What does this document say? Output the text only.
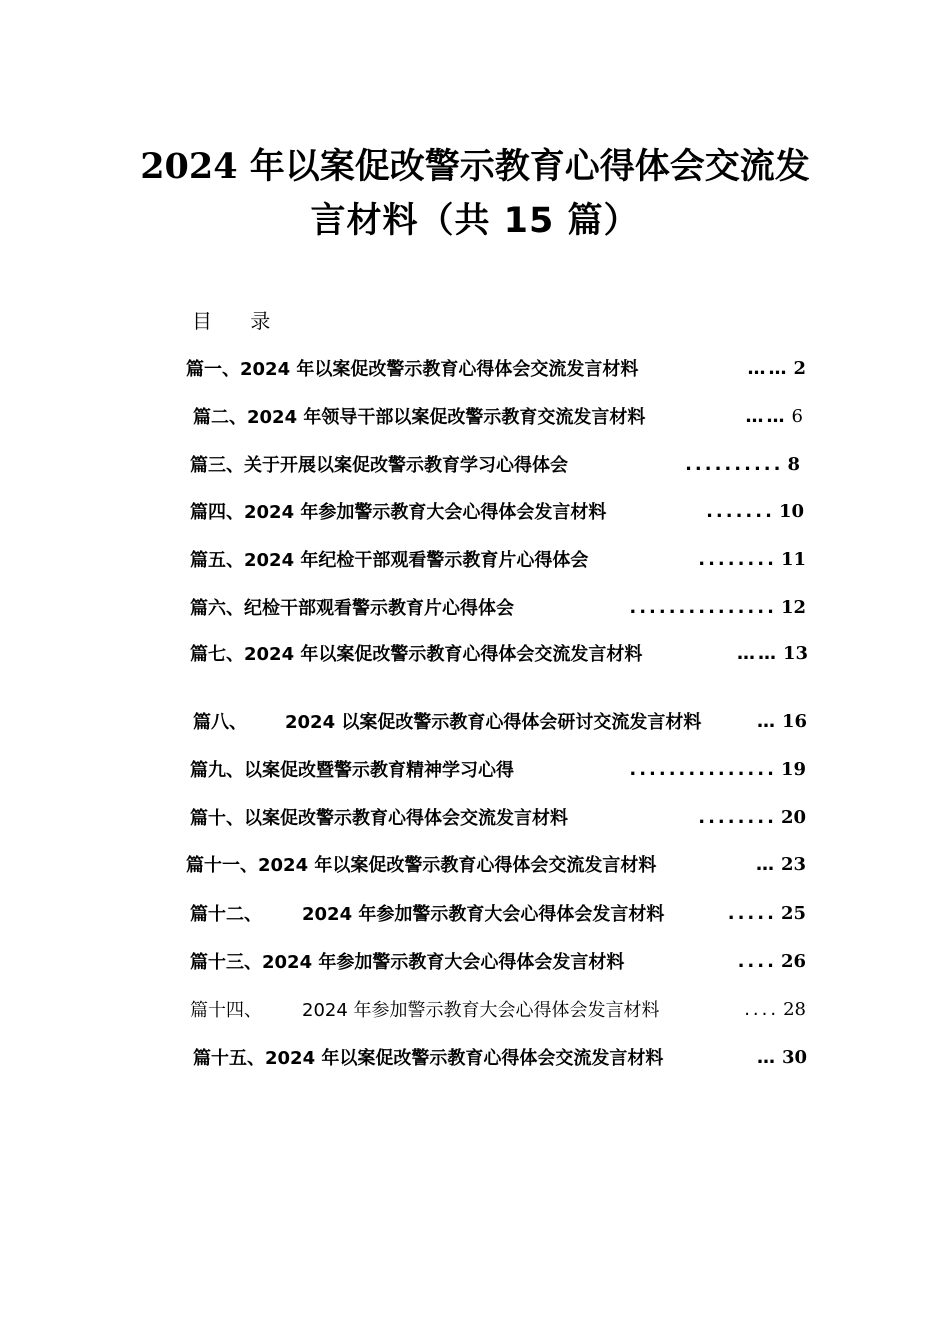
2024 年以案促改警示教育心得体会交流发
言材料（共 15 篇）
目 录
篇一、2024 年以案促改警示教育心得体会交流发言材料	…… 2
篇二、2024 年领导干部以案促改警示教育交流发言材料	…… 6
篇三、关于开展以案促改警示教育学习心得体会	.......... 8
篇四、2024 年参加警示教育大会心得体会发言材料	....... 10
篇五、2024 年纪检干部观看警示教育片心得体会	........ 11
篇六、纪检干部观看警示教育片心得体会	............... 12
篇七、2024 年以案促改警示教育心得体会交流发言材料	…… 13
篇八、 2024 以案促改警示教育心得体会研讨交流发言材料	… 16
篇九、以案促改暨警示教育精神学习心得	............... 19
篇十、以案促改警示教育心得体会交流发言材料	........ 20
篇十一、2024 年以案促改警示教育心得体会交流发言材料	… 23
篇十二、 2024 年参加警示教育大会心得体会发言材料	..... 25
篇十三、2024 年参加警示教育大会心得体会发言材料	.... 26
篇十四、 2024 年参加警示教育大会心得体会发言材料	.... 28
篇十五、2024 年以案促改警示教育心得体会交流发言材料	… 30
